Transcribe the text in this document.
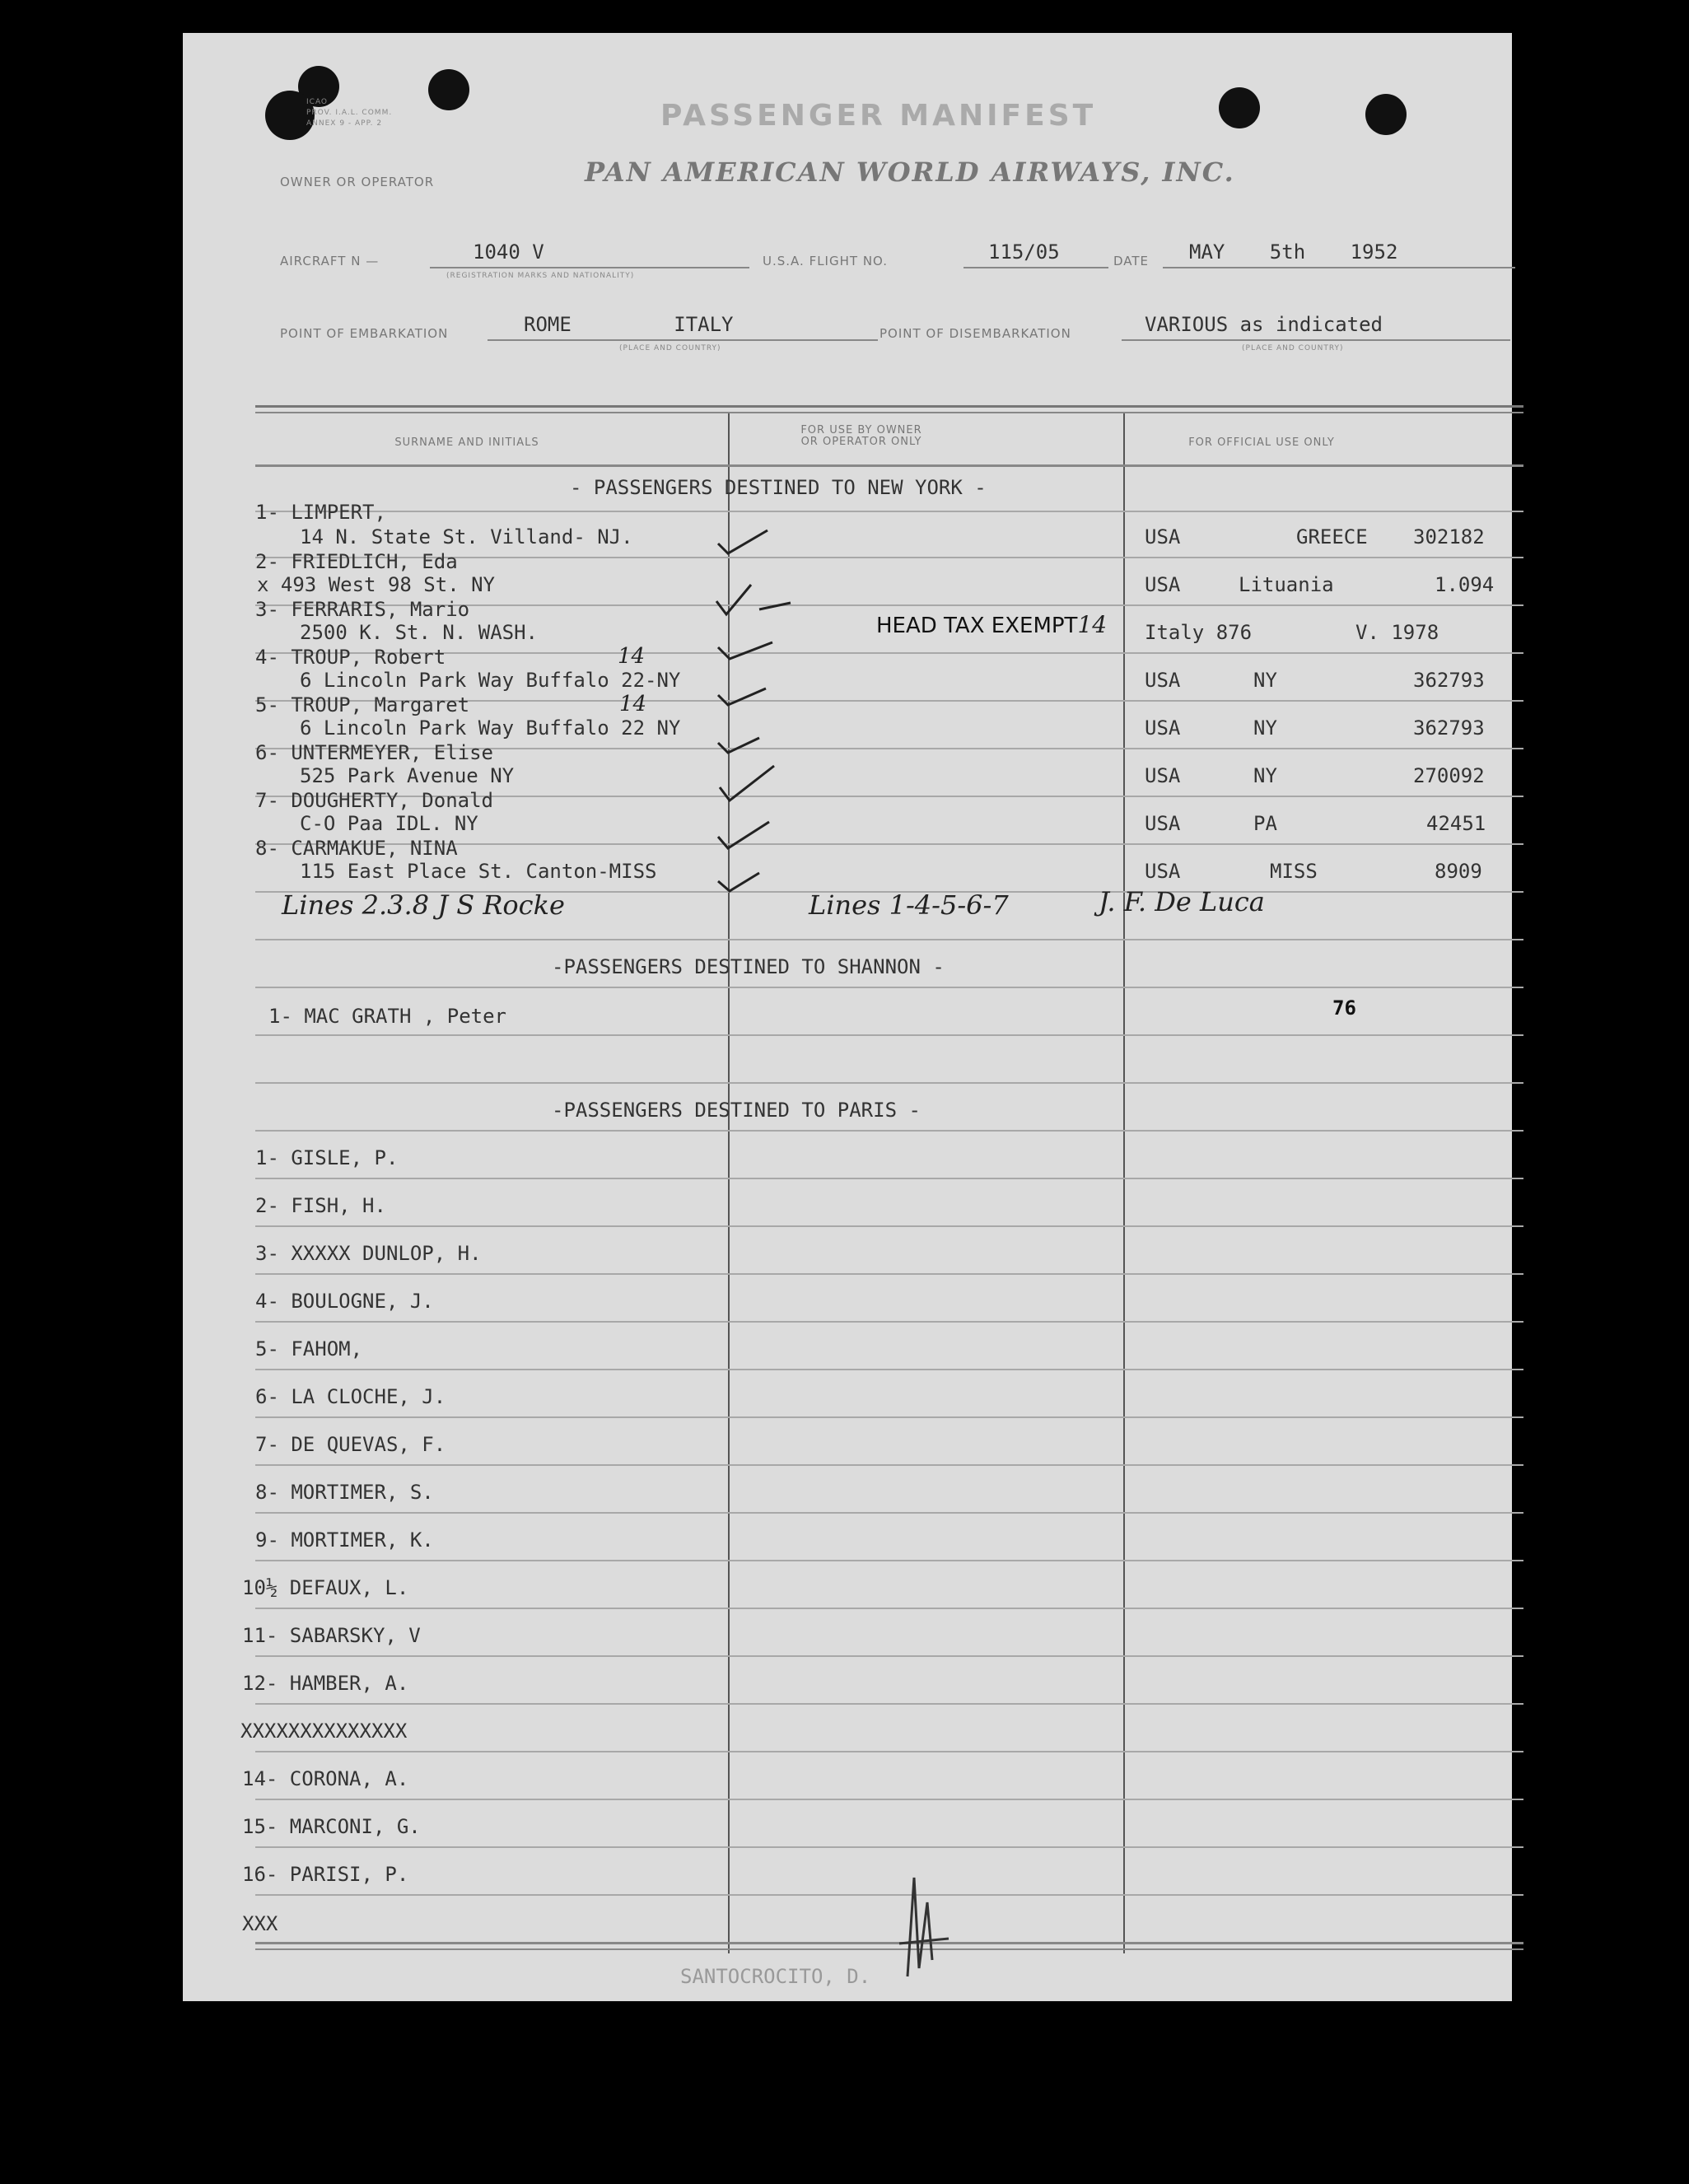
ICAO
PROV. I.A.L. COMM.
ANNEX 9 - APP. 2	PASSENGER MANIFEST
OWNER OR OPERATOR	PAN AMERICAN WORLD AIRWAYS, INC.
AIRCRAFT N —	1040 V
(REGISTRATION MARKS AND NATIONALITY)
U.S.A. FLIGHT NO.	115/05	DATE MAY 5th 1952
POINT OF EMBARKATION	ROME ITALY
(PLACE AND COUNTRY)
POINT OF DISEMBARKATION	VARIOUS as indicated
(PLACE AND COUNTRY)
SURNAME AND INITIALS
FOR USE BY OWNER
OR OPERATOR ONLY	FOR OFFICIAL USE ONLY
- PASSENGERS DESTINED TO NEW YORK -
1- LIMPERT,
14 N. State St. Villand- NJ.	USA	GREECE 302182
2- FRIEDLICH, Eda
x 493 West 98 St. NY	USA	Lituania	1.094
3- FERRARIS, Mario
2500 K. St. N. WASH.	Italy 876	V. 1978
HEAD TAX EXEMPT14
4- TROUP, Robert
6 Lincoln Park Way Buffalo 22-NY	USA	NY	362793
5- TROUP, Margaret
6 Lincoln Park Way Buffalo 22 NY	USA	NY	362793
6- UNTERMEYER, Elise
525 Park Avenue NY	USA	NY	270092
7- DOUGHERTY, Donald
C-O Paa IDL. NY	USA	PA	42451
8- CARMAKUE, NINA
115 East Place St. Canton-MISS	USA	MISS	8909
14
14
Lines 2.3.8 J S Rocke	Lines 1-4-5-6-7	J. F. De Luca
-PASSENGERS DESTINED TO SHANNON -
1- MAC GRATH , Peter	76
-PASSENGERS DESTINED TO PARIS -
1- GISLE, P.
2- FISH, H.
3- XXXXX DUNLOP, H.
4- BOULOGNE, J.
5- FAHOM,
6- LA CLOCHE, J.
7- DE QUEVAS, F.
8- MORTIMER, S.
9- MORTIMER, K.
10½ DEFAUX, L.
11- SABARSKY, V
12- HAMBER, A.
XXXXXXXXXXXXXX
14- CORONA, A.
15- MARCONI, G.
16- PARISI, P.
XXX
SANTOCROCITO, D.
